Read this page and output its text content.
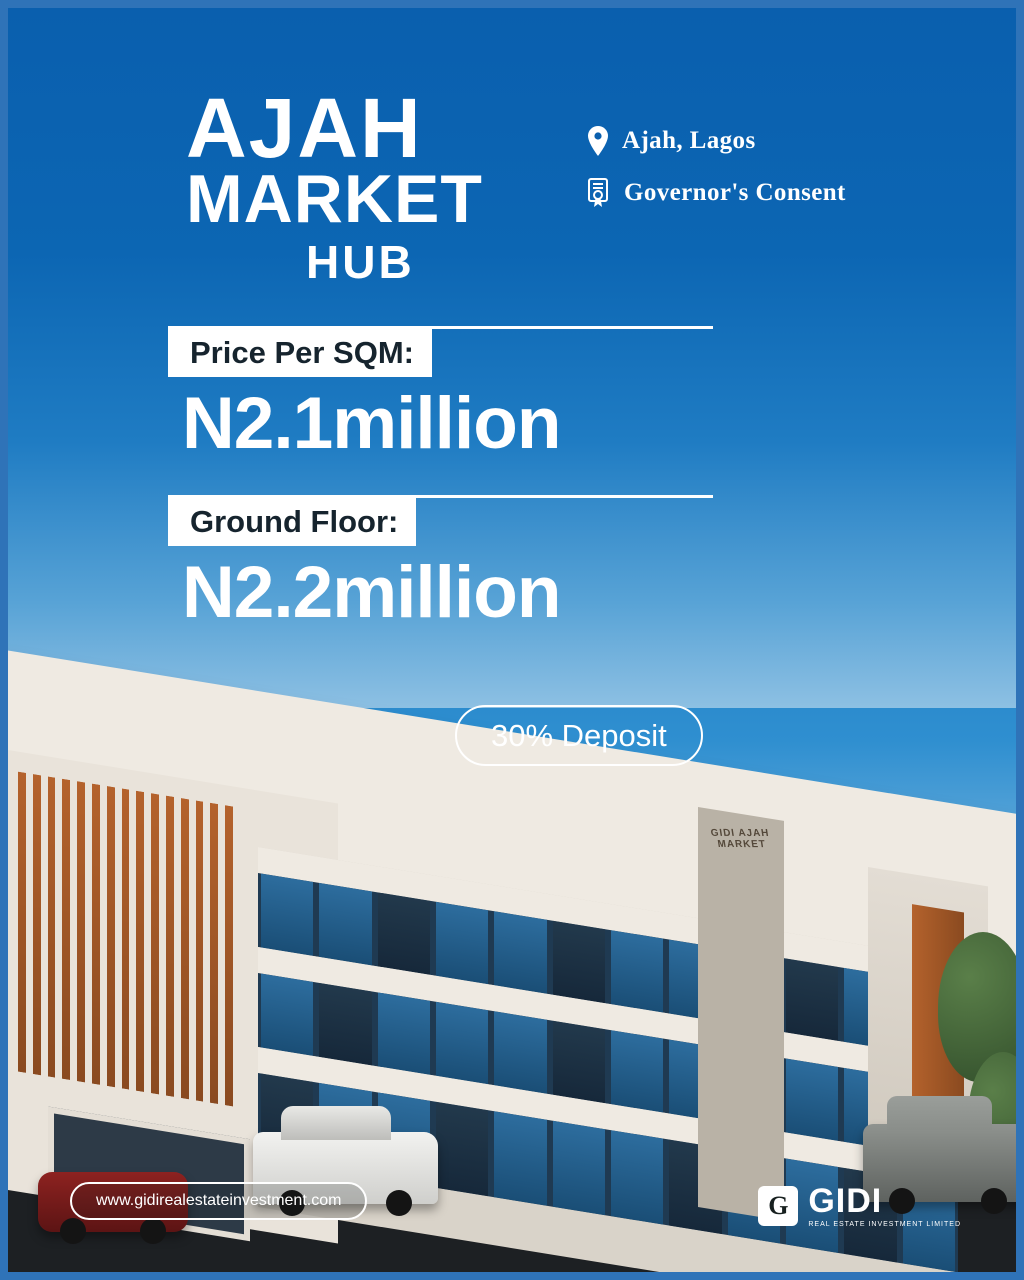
GIDI AJAH MARKET
AJAH
MARKET
HUB
Ajah, Lagos
Governor's Consent
Price Per SQM:
N2.1million
Ground Floor:
N2.2million
30% Deposit
www.gidirealestateinvestment.com	G GIDI
REAL ESTATE INVESTMENT LIMITED
